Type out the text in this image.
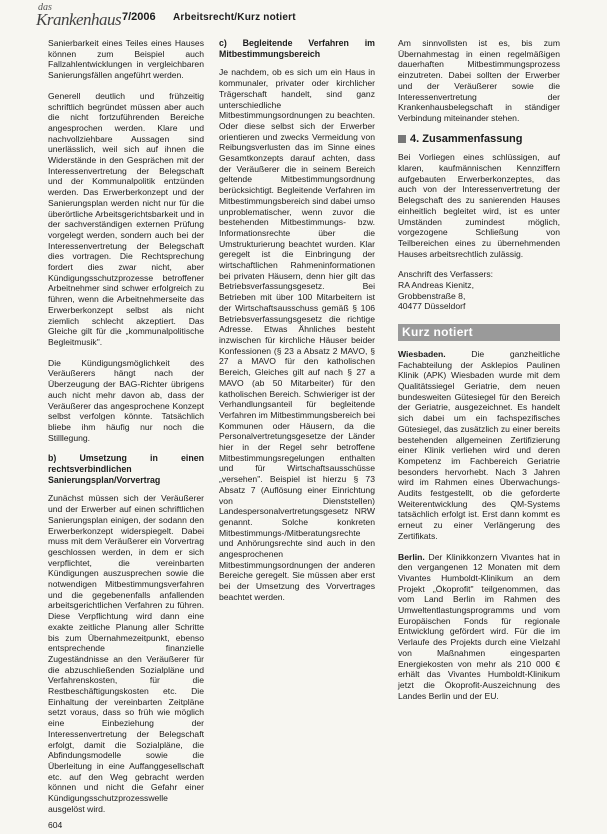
das
Krankenhaus 7/2006 Arbeitsrecht/Kurz notiert

Sanierbarkeit eines Teiles eines Hauses können zum Beispiel auch Fallzahlentwicklungen in vergleichbaren Sanierungsfällen angeführt werden.

Generell deutlich und frühzeitig schriftlich begründet müssen aber auch die nicht fortzuführenden Bereiche angesprochen werden. Klare und nachvollziehbare Aussagen sind unerlässlich, weil sich auf ihnen die Widerstände in den Gesprächen mit der Interessenvertretung der Belegschaft und der Kommunalpolitik entzünden werden. Das Erwerberkonzept und der Sanierungsplan werden nicht nur für die überörtliche Arbeitsgerichtsbarkeit und in der sachverständigen externen Prüfung vorgelegt werden, sondern auch bei der Interessenvertretung der Belegschaft dies vortragen. Die Rechtsprechung fordert dies zwar nicht, aber Kündigungsschutzprozesse betroffener Arbeitnehmer sind schwer erfolgreich zu führen, wenn die Arbeitnehmerseite das Erwerberkonzept selbst als nicht ziemlich schlecht akzeptiert. Das Gleiche gilt für die „kommunalpolitische Begleitmusik".

Die Kündigungsmöglichkeit des Veräußerers hängt nach der Überzeugung der BAG-Richter übrigens auch nicht mehr davon ab, dass der Veräußerer das angesprochene Konzept selbst verfolgen könnte. Tatsächlich bliebe ihm häufig nur noch die Stilllegung.

b) Umsetzung in einen rechtsverbindlichen Sanierungsplan/Vorvertrag

Zunächst müssen sich der Veräußerer und der Erwerber auf einen schriftlichen Sanierungsplan einigen, der sodann den Erwerberkonzept widerspiegelt. Dabei muss mit dem Veräußerer ein Vorvertrag geschlossen werden, in dem er sich verpflichtet, die vereinbarten Kündigungen auszusprechen sowie die notwendigen Mitbestimmungsverfahren und die gegebenenfalls anfallenden arbeitsgerichtlichen Verfahren zu führen. Diese Verpflichtung wird dann eine exakte zeitliche Planung aller Schritte bis zum Übernahmezeitpunkt, ebenso entsprechende finanzielle Zugeständnisse an den Veräußerer für die abzuschließenden Sozialpläne und Verfahrenskosten, für die Restbeschäftigungskosten etc. Die Einhaltung der vereinbarten Zeitpläne setzt voraus, dass so früh wie möglich eine Einbeziehung der Interessenvertretung der Belegschaft erfolgt, damit die Sozialpläne, die Abfindungsmodelle sowie die Überleitung in eine Auffanggesellschaft etc. auf den Weg gebracht werden können und nicht die Gefahr einer Kündigungsschutzprozesswelle ausgelöst wird.

c) Begleitende Verfahren im Mitbestimmungsbereich

Je nachdem, ob es sich um ein Haus in kommunaler, privater oder kirchlicher Trägerschaft handelt, sind ganz unterschiedliche Mitbestimmungsordnungen zu beachten. Oder diese selbst sich der Erwerber orientieren und zwecks Vermeidung von Reibungsverlusten das im Sinne eines Gesamtkonzepts darauf achten, dass der Veräußerer die in seinem Bereich geltende Mitbestimmungsordnung berücksichtigt. Begleitende Verfahren im Mitbestimmungsbereich sind dabei umso unproblematischer, wenn zuvor die bestehenden Mitbestimmungs- bzw. Informationsrechte über die Umstrukturierung beachtet wurden. Klar geregelt ist die Einbringung der wirtschaftlichen Rahmeninformationen bei privaten Häusern, denn hier gilt das Betriebsverfassungsgesetz. Bei Betrieben mit über 100 Mitarbeitern ist der Wirtschaftsausschuss gemäß § 106 Betriebsverfassungsgesetz die richtige Adresse. Etwas Ähnliches besteht inzwischen für kirchliche Häuser beider Konfessionen (§ 23 a Absatz 2 MAVO, § 27 a MAVO für den katholischen Bereich, Gleiches gilt auf nach § 27 a MAVO (ab 50 Mitarbeiter) für den katholischen Bereich. Schwieriger ist der Verhandlungsanteil für begleitende Verfahren im Mitbestimmungsbereich bei Kommunen oder Häusern, da die Personalvertretungsgesetze der Länder hier in der Regel sehr betroffene Mitbestimmungsregelungen enthalten und für Wirtschaftsausschüsse „versehen". Beispiel ist hierzu § 73 Absatz 7 (Auflösung einer Einrichtung von Dienststellen) Landespersonalvertretungsgesetz NRW genannt. Solche konkreten Mitbestimmungs-/Mitberatungsrechte und Anhörungsrechte sind auch in den angesprochenen Mitbestimmungsordnungen der anderen Bereiche geregelt. Sie müssen aber erst bei der Umsetzung des Vorvertrages beachtet werden.

Am sinnvollsten ist es, bis zum Übernahmestag in einen regelmäßigen dauerhaften Mitbestimmungsprozess einzutreten. Dabei sollten der Erwerber und der Veräußerer sowie die Interessenvertretung der Krankenhausbelegschaft in ständiger Verbindung miteinander stehen.

4. Zusammenfassung

Bei Vorliegen eines schlüssigen, auf klaren, kaufmännischen Kennziffern aufgebauten Erwerberkonzeptes, das auch von der Interessenvertretung der Belegschaft des zu sanierenden Hauses einheitlich begleitet wird, ist es unter Umständen zumindest möglich, vorgezogene Schließung von Teilbereichen eines zu übernehmenden Hauses arbeitsrechtlich zulässig.

Anschrift des Verfassers:
RA Andreas Kienitz,
Grobbenstraße 8,
40477 Düsseldorf
Kurz notiert

Wiesbaden. Die ganzheitliche Fachabteilung der Asklepios Paulinen Klinik (APK) Wiesbaden wurde mit dem Qualitätssiegel Geriatrie, dem neuen bundesweiten Gütesiegel für den Bereich der Geriatrie, ausgezeichnet. Es handelt sich dabei um ein fachspezifisches Gütesiegel, das zusätzlich zu einer bereits bestehenden allgemeinen Zertifizierung einer Klinik verliehen wird und deren Kompetenz im Fachbereich Geriatrie besonders hervorhebt. Nach 3 Jahren wird im Rahmen eines Überwachungs-Audits festgestellt, ob die geforderte Weiterentwicklung des QM-Systems tatsächlich erfolgt ist. Erst dann kommt es erneut zu einer Verlängerung des Zertifikats.

Berlin. Der Klinikkonzern Vivantes hat in den vergangenen 12 Monaten mit dem Vivantes Humboldt-Klinikum an dem Projekt „Ökoprofit" teilgenommen, das vom Land Berlin im Rahmen des Umweltentlastungsprogramms und vom Europäischen Fonds für regionale Entwicklung gefördert wird. Für die im Verlaufe des Projekts durch eine Vielzahl von Maßnahmen eingesparten Energiekosten von mehr als 210 000 € erhält das Vivantes Humboldt-Klinikum jetzt die Ökoprofit-Auszeichnung des Landes Berlin und der EU.

604
